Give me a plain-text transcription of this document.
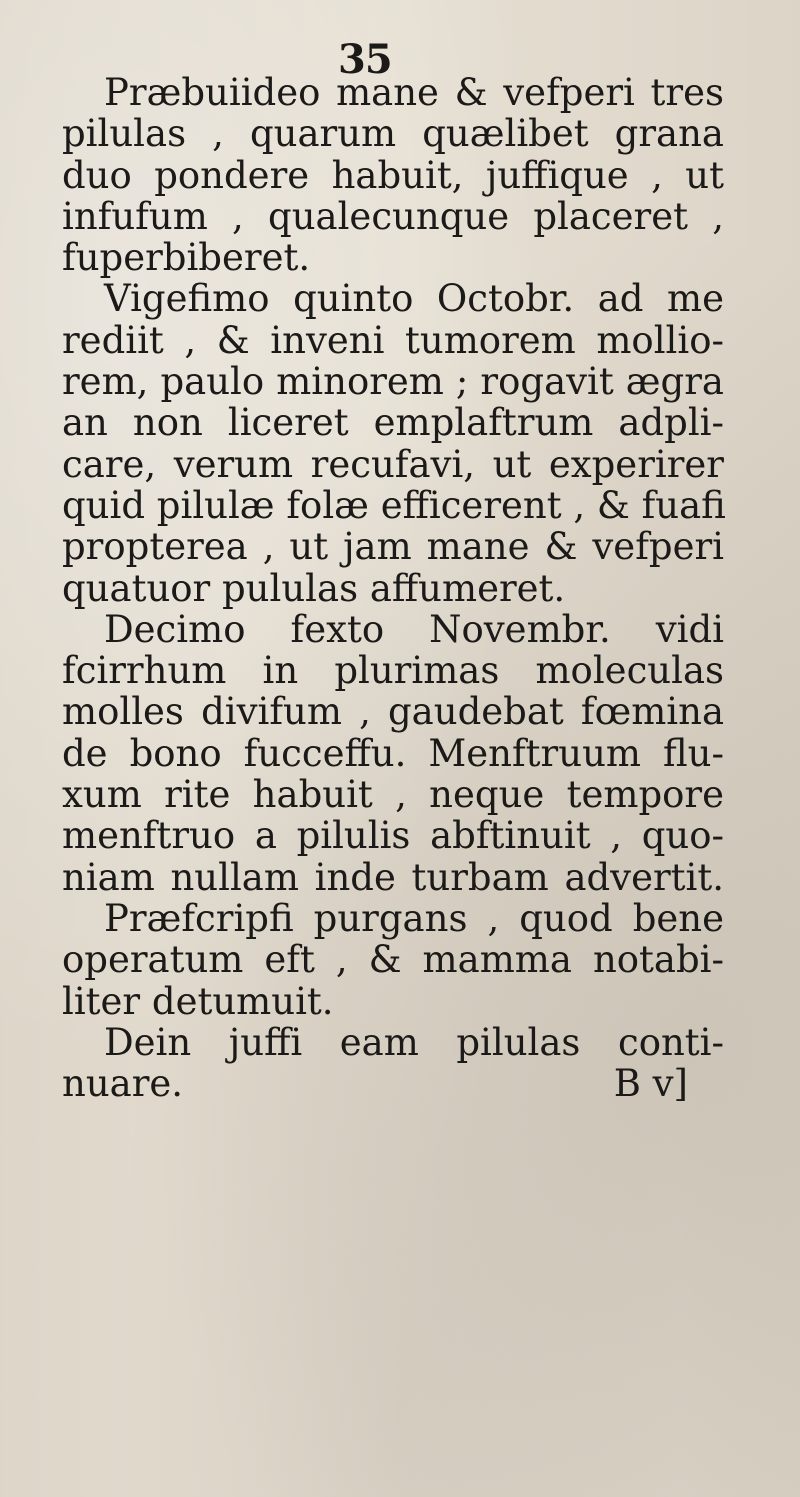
35
Præbuiideo mane & vefperi tres
pilulas , quarum quælibet grana
duo pondere habuit, juffique , ut
infufum , qualecunque placeret ,
fuperbiberet.
Vigefimo quinto Octobr. ad me
rediit , & inveni tumorem mollio-
rem, paulo minorem ; rogavit ægra
an non liceret emplaftrum adpli-
care, verum recufavi, ut experirer
quid pilulæ folæ efficerent , & fuafi
propterea , ut jam mane & vefperi
quatuor pululas affumeret.
Decimo fexto Novembr. vidi
fcirrhum in plurimas moleculas
molles divifum , gaudebat fœmina
de bono fucceffu. Menftruum flu-
xum rite habuit , neque tempore
menftruo a pilulis abftinuit , quo-
niam nullam inde turbam advertit.
Præfcripfi purgans , quod bene
operatum eft , & mamma notabi-
liter detumuit.
Dein juffi eam pilulas conti-
nuare.	B v]
